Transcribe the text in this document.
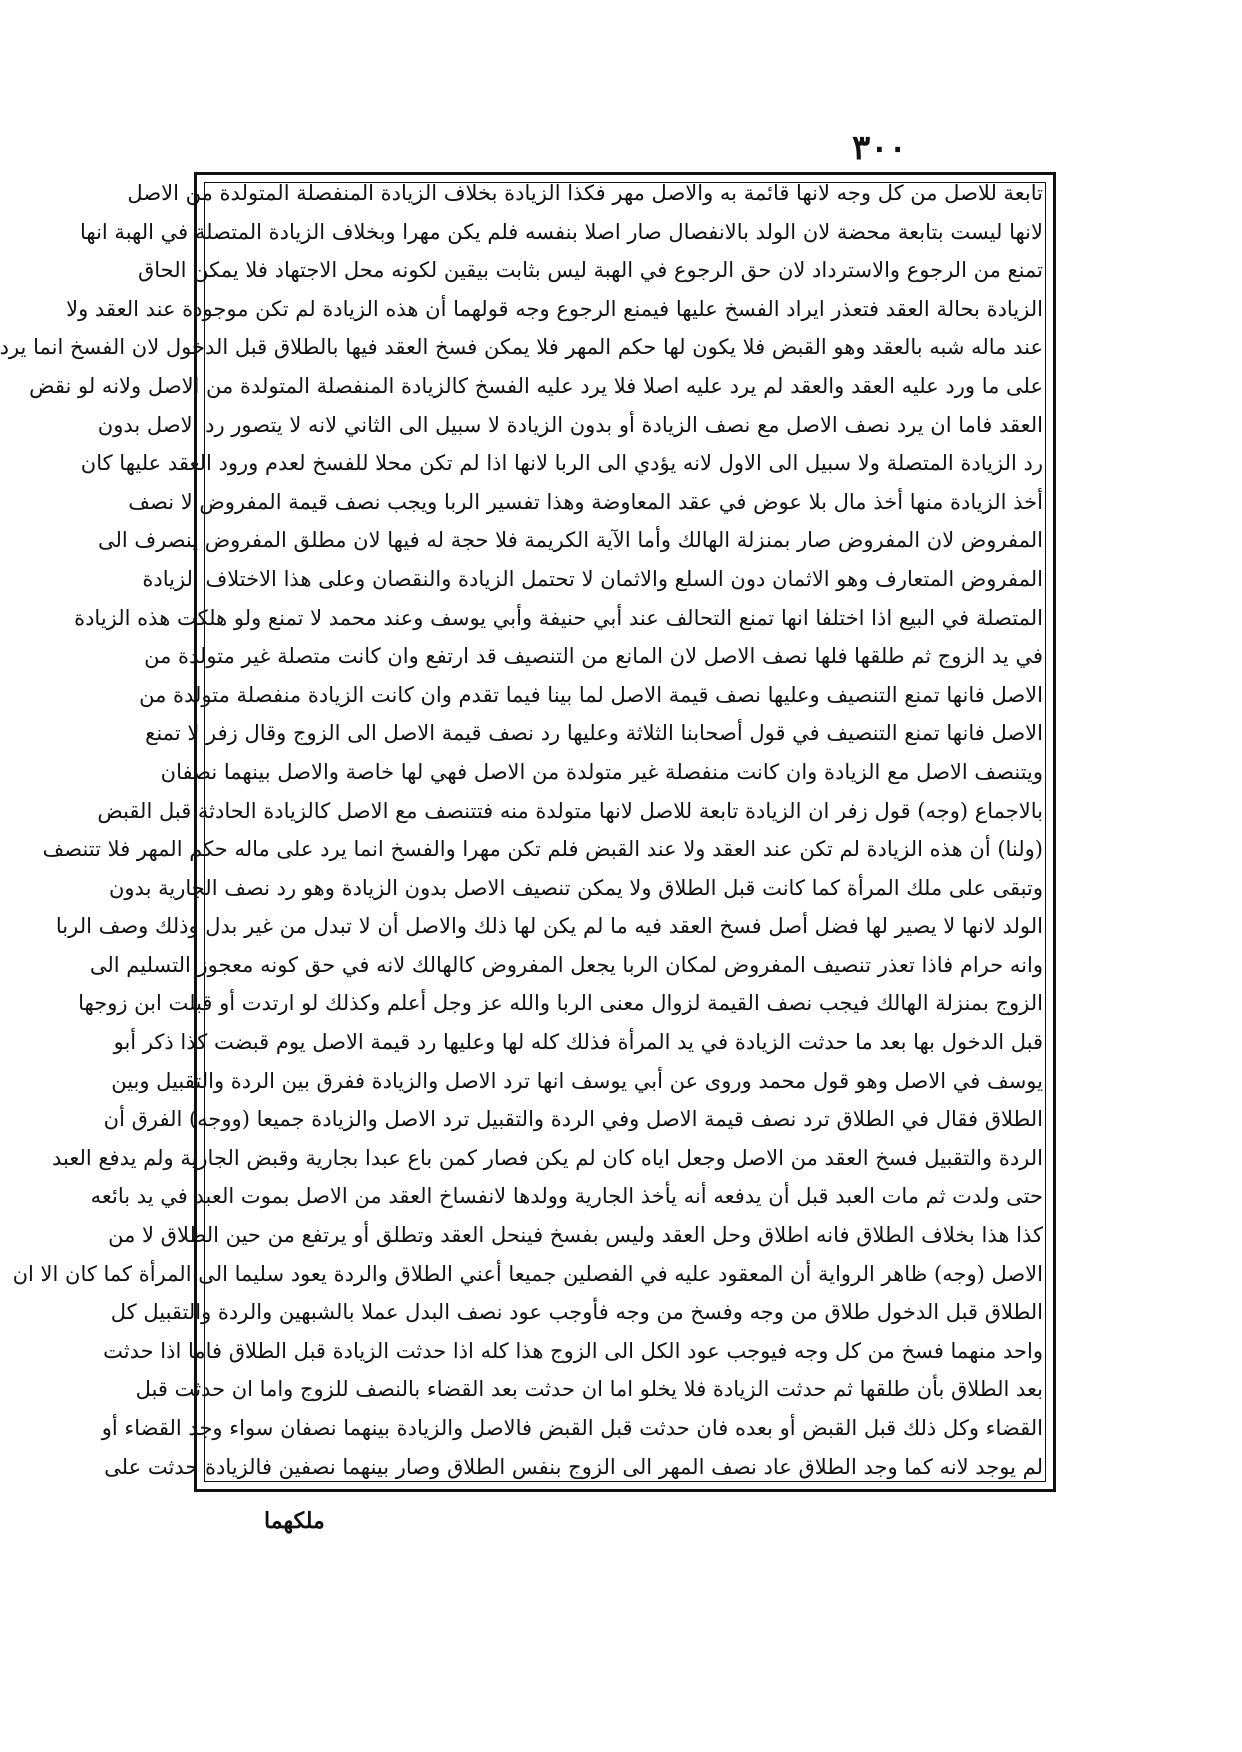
٣٠٠
تابعة للاصل من كل وجه لانها قائمة به والاصل مهر فكذا الزيادة بخلاف الزيادة المنفصلة المتولدة من الاصل
لانها ليست بتابعة محضة لان الولد بالانفصال صار اصلا بنفسه فلم يكن مهرا وبخلاف الزيادة المتصلة في الهبة انها
تمنع من الرجوع والاسترداد لان حق الرجوع في الهبة ليس بثابت بيقين لكونه محل الاجتهاد فلا يمكن الحاق
الزيادة بحالة العقد فتعذر ايراد الفسخ عليها فيمنع الرجوع وجه قولهما أن هذه الزيادة لم تكن موجودة عند العقد ولا
عند ماله شبه بالعقد وهو القبض فلا يكون لها حكم المهر فلا يمكن فسخ العقد فيها بالطلاق قبل الدخول لان الفسخ انما يرد
على ما ورد عليه العقد والعقد لم يرد عليه اصلا فلا يرد عليه الفسخ كالزيادة المنفصلة المتولدة من الاصل ولانه لو نقض
العقد فاما ان يرد نصف الاصل مع نصف الزيادة أو بدون الزيادة لا سبيل الى الثاني لانه لا يتصور رد الاصل بدون
رد الزيادة المتصلة ولا سبيل الى الاول لانه يؤدي الى الربا لانها اذا لم تكن محلا للفسخ لعدم ورود العقد عليها كان
أخذ الزيادة منها أخذ مال بلا عوض في عقد المعاوضة وهذا تفسير الربا ويجب نصف قيمة المفروض لا نصف
المفروض لان المفروض صار بمنزلة الهالك وأما الآية الكريمة فلا حجة له فيها لان مطلق المفروض ينصرف الى
المفروض المتعارف وهو الاثمان دون السلع والاثمان لا تحتمل الزيادة والنقصان وعلى هذا الاختلاف الزيادة
المتصلة في البيع اذا اختلفا انها تمنع التحالف عند أبي حنيفة وأبي يوسف وعند محمد لا تمنع ولو هلكت هذه الزيادة
في يد الزوج ثم طلقها فلها نصف الاصل لان المانع من التنصيف قد ارتفع وان كانت متصلة غير متولدة من
الاصل فانها تمنع التنصيف وعليها نصف قيمة الاصل لما بينا فيما تقدم وان كانت الزيادة منفصلة متولدة من
الاصل فانها تمنع التنصيف في قول أصحابنا الثلاثة وعليها رد نصف قيمة الاصل الى الزوج وقال زفر لا تمنع
ويتنصف الاصل مع الزيادة وان كانت منفصلة غير متولدة من الاصل فهي لها خاصة والاصل بينهما نصفان
بالاجماع (وجه) قول زفر ان الزيادة تابعة للاصل لانها متولدة منه فتتنصف مع الاصل كالزيادة الحادثة قبل القبض
(ولنا) أن هذه الزيادة لم تكن عند العقد ولا عند القبض فلم تكن مهرا والفسخ انما يرد على ماله حكم المهر فلا تتنصف
وتبقى على ملك المرأة كما كانت قبل الطلاق ولا يمكن تنصيف الاصل بدون الزيادة وهو رد نصف الجارية بدون
الولد لانها لا يصير لها فضل أصل فسخ العقد فيه ما لم يكن لها ذلك والاصل أن لا تبدل من غير بدل وذلك وصف الربا
وانه حرام فاذا تعذر تنصيف المفروض لمكان الربا يجعل المفروض كالهالك لانه في حق كونه معجوز التسليم الى
الزوج بمنزلة الهالك فيجب نصف القيمة لزوال معنى الربا والله عز وجل أعلم وكذلك لو ارتدت أو قبلت ابن زوجها
قبل الدخول بها بعد ما حدثت الزيادة في يد المرأة فذلك كله لها وعليها رد قيمة الاصل يوم قبضت كذا ذكر أبو
يوسف في الاصل وهو قول محمد وروى عن أبي يوسف انها ترد الاصل والزيادة ففرق بين الردة والتقبيل وبين
الطلاق فقال في الطلاق ترد نصف قيمة الاصل وفي الردة والتقبيل ترد الاصل والزيادة جميعا (ووجه) الفرق أن
الردة والتقبيل فسخ العقد من الاصل وجعل اياه كان لم يكن فصار كمن باع عبدا بجارية وقبض الجارية ولم يدفع العبد
حتى ولدت ثم مات العبد قبل أن يدفعه أنه يأخذ الجارية وولدها لانفساخ العقد من الاصل بموت العبد في يد بائعه
كذا هذا بخلاف الطلاق فانه اطلاق وحل العقد وليس بفسخ فينحل العقد وتطلق أو يرتفع من حين الطلاق لا من
الاصل (وجه) ظاهر الرواية أن المعقود عليه في الفصلين جميعا أعني الطلاق والردة يعود سليما الى المرأة كما كان الا ان
الطلاق قبل الدخول طلاق من وجه وفسخ من وجه فأوجب عود نصف البدل عملا بالشبهين والردة والتقبيل كل
واحد منهما فسخ من كل وجه فيوجب عود الكل الى الزوج هذا كله اذا حدثت الزيادة قبل الطلاق فاما اذا حدثت
بعد الطلاق بأن طلقها ثم حدثت الزيادة فلا يخلو اما ان حدثت بعد القضاء بالنصف للزوج واما ان حدثت قبل
القضاء وكل ذلك قبل القبض أو بعده فان حدثت قبل القبض فالاصل والزيادة بينهما نصفان سواء وجد القضاء أو
لم يوجد لانه كما وجد الطلاق عاد نصف المهر الى الزوج بنفس الطلاق وصار بينهما نصفين فالزيادة حدثت على
ملكهما
